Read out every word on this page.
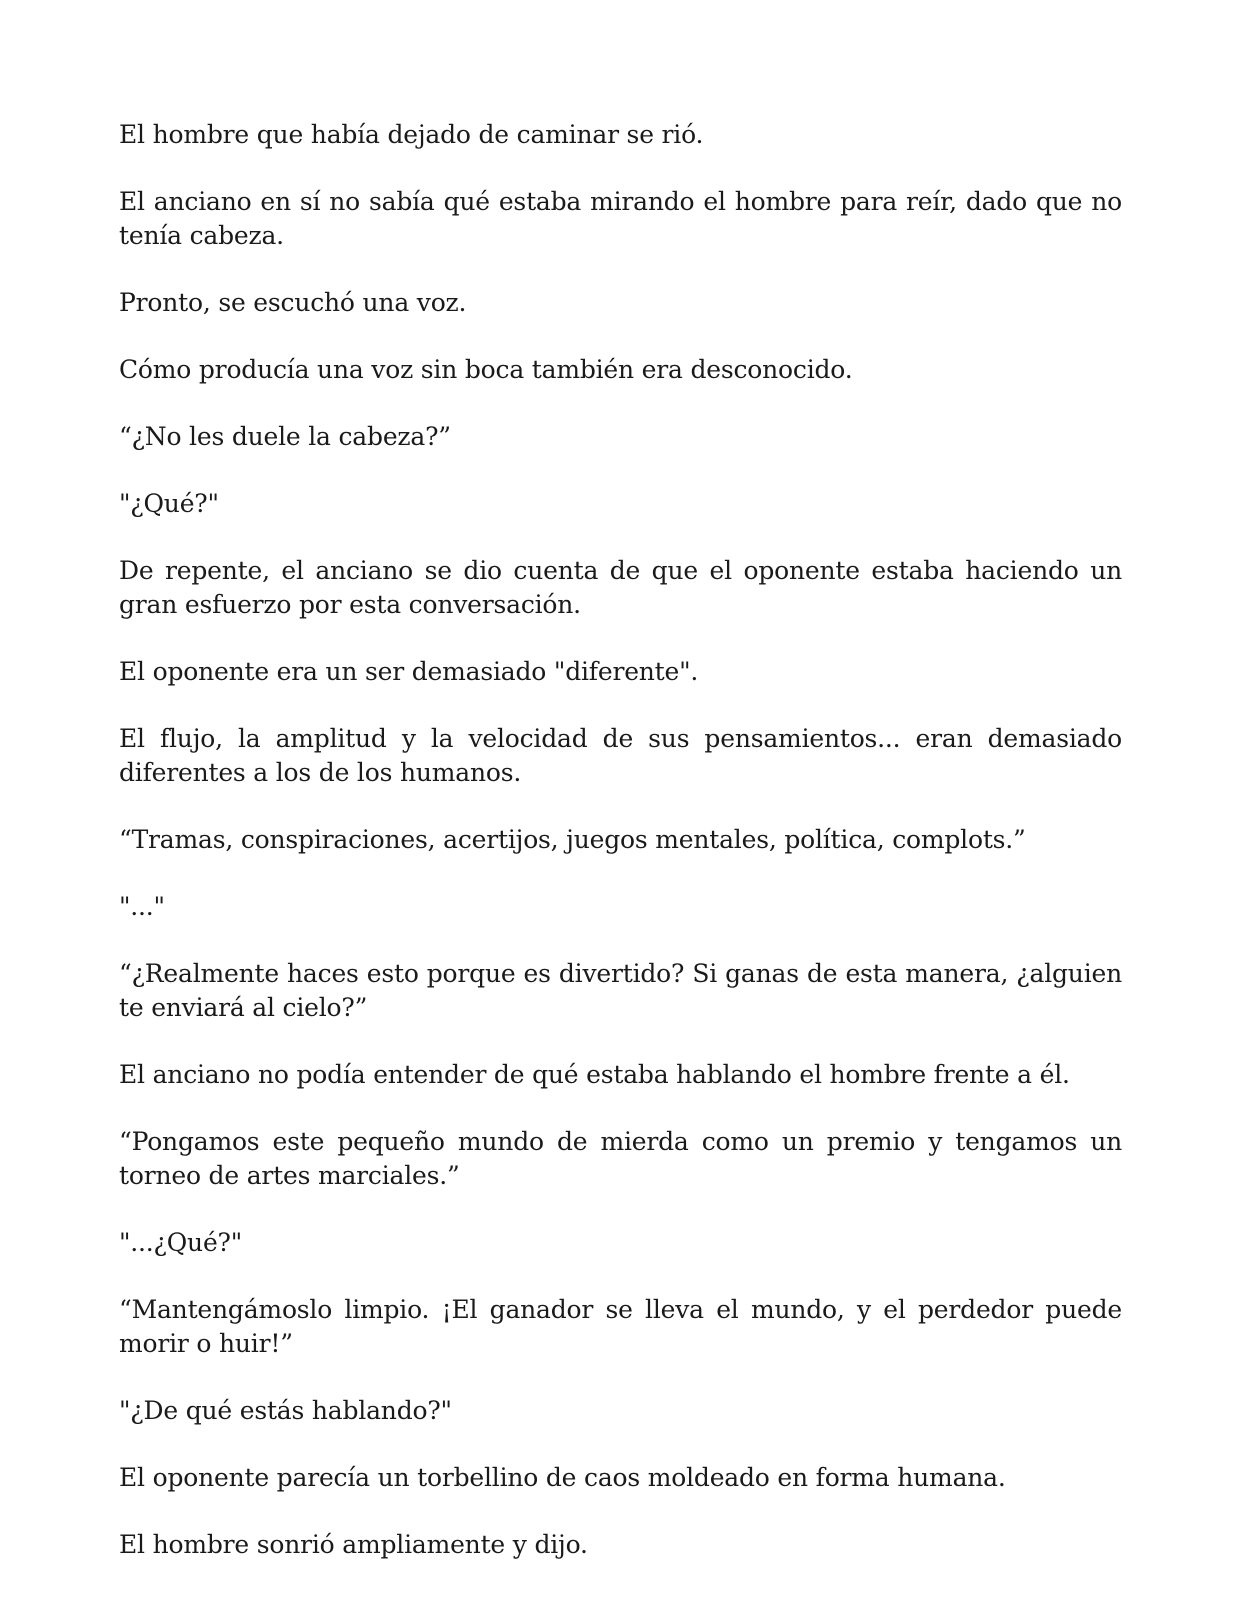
El hombre que había dejado de caminar se rió.

El anciano en sí no sabía qué estaba mirando el hombre para reír, dado que no tenía cabeza.

Pronto, se escuchó una voz.

Cómo producía una voz sin boca también era desconocido.

“¿No les duele la cabeza?”

"¿Qué?"

De repente, el anciano se dio cuenta de que el oponente estaba haciendo un gran esfuerzo por esta conversación.

El oponente era un ser demasiado "diferente".

El flujo, la amplitud y la velocidad de sus pensamientos... eran demasiado diferentes a los de los humanos.

“Tramas, conspiraciones, acertijos, juegos mentales, política, complots.”

"..."

“¿Realmente haces esto porque es divertido? Si ganas de esta manera, ¿alguien te enviará al cielo?”

El anciano no podía entender de qué estaba hablando el hombre frente a él.

“Pongamos este pequeño mundo de mierda como un premio y tengamos un torneo de artes marciales.”

"...¿Qué?"

“Mantengámoslo limpio. ¡El ganador se lleva el mundo, y el perdedor puede morir o huir!”

"¿De qué estás hablando?"

El oponente parecía un torbellino de caos moldeado en forma humana.

El hombre sonrió ampliamente y dijo.
